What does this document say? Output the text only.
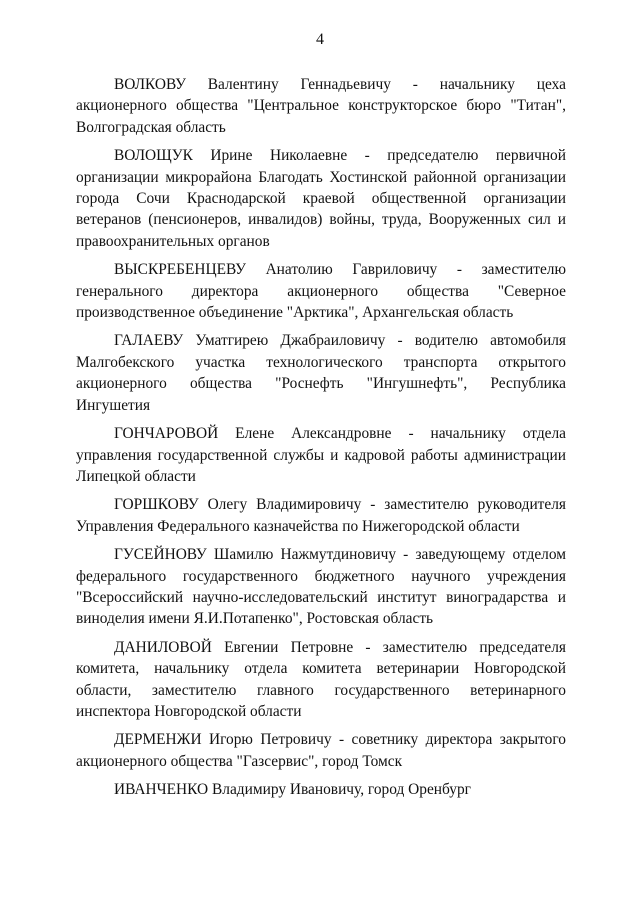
4

ВОЛКОВУ Валентину Геннадьевичу - начальнику цеха акционерного общества "Центральное конструкторское бюро "Титан", Волгоградская область

ВОЛОЩУК Ирине Николаевне - председателю первичной организации микрорайона Благодать Хостинской районной организации города Сочи Краснодарской краевой общественной организации ветеранов (пенсионеров, инвалидов) войны, труда, Вооруженных сил и правоохранительных органов

ВЫСКРЕБЕНЦЕВУ Анатолию Гавриловичу - заместителю генерального директора акционерного общества "Северное производственное объединение "Арктика", Архангельская область

ГАЛАЕВУ Уматгирею Джабраиловичу - водителю автомобиля Малгобекского участка технологического транспорта открытого акционерного общества "Роснефть "Ингушнефть", Республика Ингушетия

ГОНЧАРОВОЙ Елене Александровне - начальнику отдела управления государственной службы и кадровой работы администрации Липецкой области

ГОРШКОВУ Олегу Владимировичу - заместителю руководителя Управления Федерального казначейства по Нижегородской области

ГУСЕЙНОВУ Шамилю Нажмутдиновичу - заведующему отделом федерального государственного бюджетного научного учреждения "Всероссийский научно-исследовательский институт виноградарства и виноделия имени Я.И.Потапенко", Ростовская область

ДАНИЛОВОЙ Евгении Петровне - заместителю председателя комитета, начальнику отдела комитета ветеринарии Новгородской области, заместителю главного государственного ветеринарного инспектора Новгородской области

ДЕРМЕНЖИ Игорю Петровичу - советнику директора закрытого акционерного общества "Газсервис", город Томск

ИВАНЧЕНКО Владимиру Ивановичу, город Оренбург
